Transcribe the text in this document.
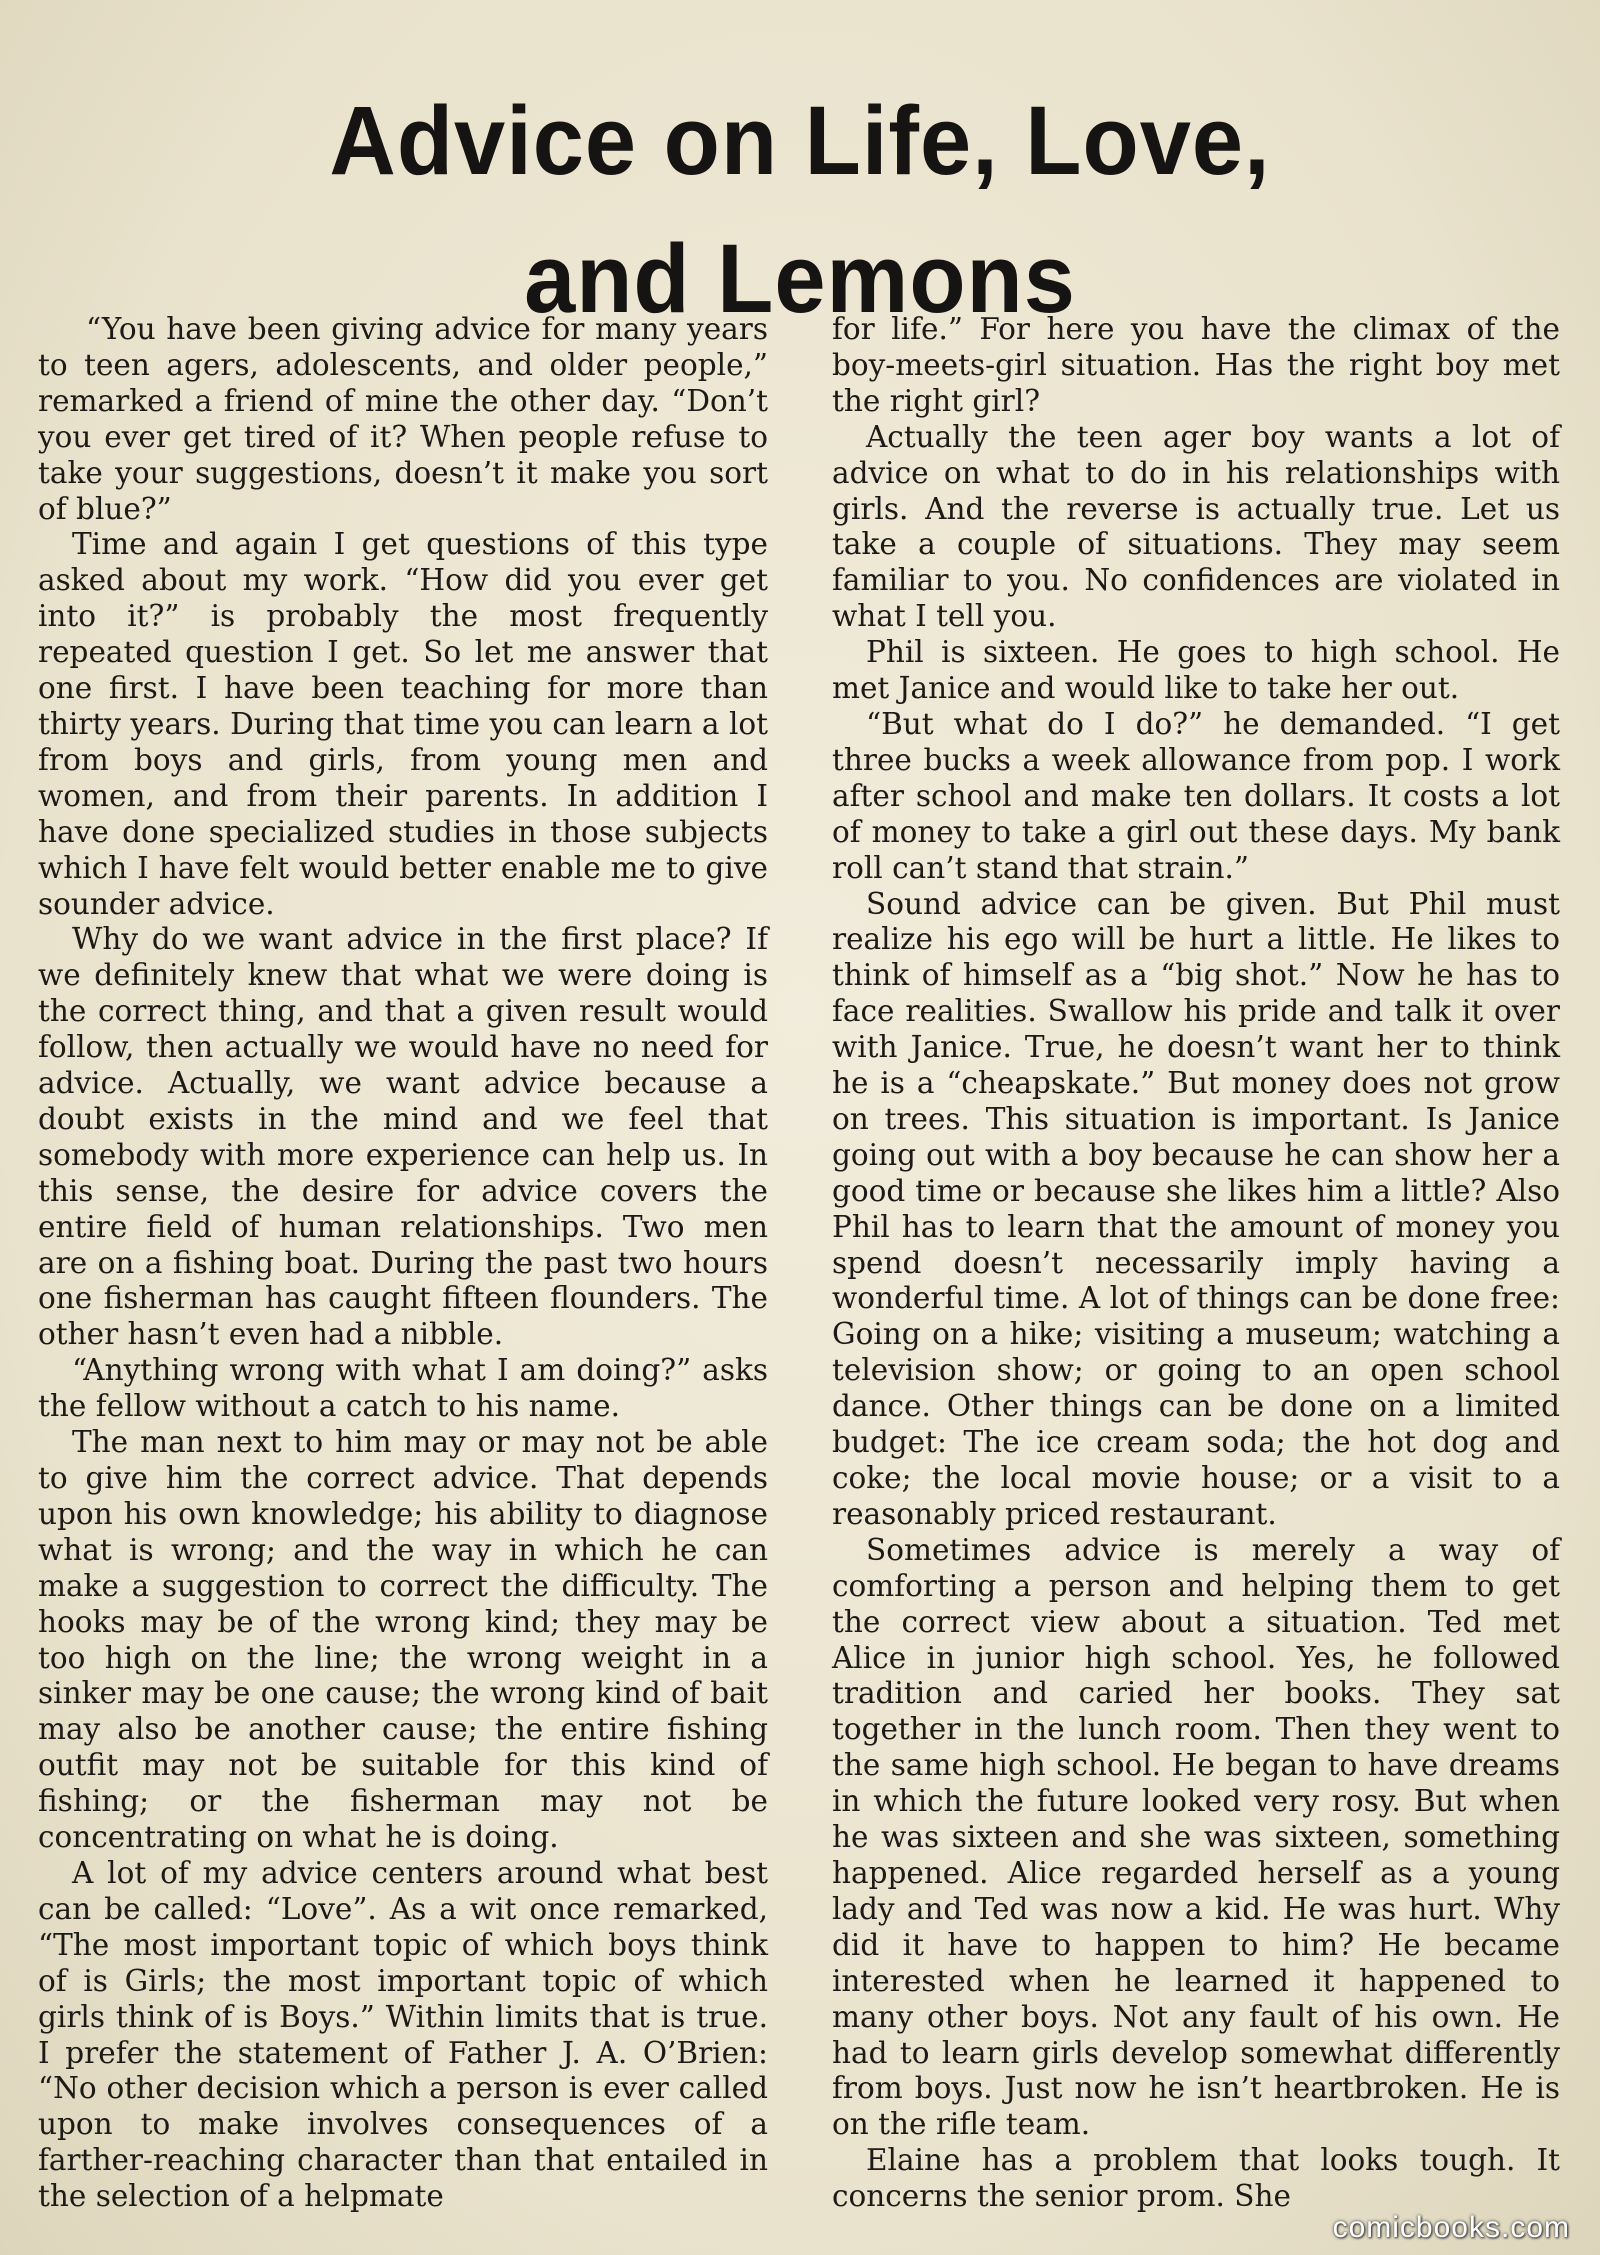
Advice on Life, Love,
and Lemons

“You have been giving advice for many years to teen agers, adolescents, and older people,” remarked a friend of mine the other day. “Don’t you ever get tired of it? When people refuse to take your suggestions, doesn’t it make you sort of blue?”

Time and again I get questions of this type asked about my work. “How did you ever get into it?” is probably the most frequently repeated question I get. So let me answer that one first. I have been teaching for more than thirty years. During that time you can learn a lot from boys and girls, from young men and women, and from their parents. In addition I have done specialized studies in those subjects which I have felt would better enable me to give sounder advice.

Why do we want advice in the first place? If we definitely knew that what we were doing is the correct thing, and that a given result would follow, then actually we would have no need for advice. Actually, we want advice because a doubt exists in the mind and we feel that somebody with more experience can help us. In this sense, the desire for advice covers the entire field of human relationships. Two men are on a fishing boat. During the past two hours one fisherman has caught fifteen flounders. The other hasn’t even had a nibble.

“Anything wrong with what I am doing?” asks the fellow without a catch to his name.

The man next to him may or may not be able to give him the correct advice. That depends upon his own knowledge; his ability to diagnose what is wrong; and the way in which he can make a suggestion to correct the difficulty. The hooks may be of the wrong kind; they may be too high on the line; the wrong weight in a sinker may be one cause; the wrong kind of bait may also be another cause; the entire fishing outfit may not be suitable for this kind of fishing; or the fisherman may not be concentrating on what he is doing.

A lot of my advice centers around what best can be called: “Love”. As a wit once remarked, “The most important topic of which boys think of is Girls; the most important topic of which girls think of is Boys.” Within limits that is true. I prefer the statement of Father J. A. O’Brien: “No other decision which a person is ever called upon to make involves consequences of a farther-reaching character than that entailed in the selection of a helpmate

for life.” For here you have the climax of the boy-meets-girl situation. Has the right boy met the right girl?

Actually the teen ager boy wants a lot of advice on what to do in his relationships with girls. And the reverse is actually true. Let us take a couple of situations. They may seem familiar to you. No confidences are violated in what I tell you.

Phil is sixteen. He goes to high school. He met Janice and would like to take her out.

“But what do I do?” he demanded. “I get three bucks a week allowance from pop. I work after school and make ten dollars. It costs a lot of money to take a girl out these days. My bank roll can’t stand that strain.”

Sound advice can be given. But Phil must realize his ego will be hurt a little. He likes to think of himself as a “big shot.” Now he has to face realities. Swallow his pride and talk it over with Janice. True, he doesn’t want her to think he is a “cheapskate.” But money does not grow on trees. This situation is important. Is Janice going out with a boy because he can show her a good time or because she likes him a little? Also Phil has to learn that the amount of money you spend doesn’t necessarily imply having a wonderful time. A lot of things can be done free: Going on a hike; visiting a museum; watching a television show; or going to an open school dance. Other things can be done on a limited budget: The ice cream soda; the hot dog and coke; the local movie house; or a visit to a reasonably priced restaurant.

Sometimes advice is merely a way of comforting a person and helping them to get the correct view about a situation. Ted met Alice in junior high school. Yes, he followed tradition and caried her books. They sat together in the lunch room. Then they went to the same high school. He began to have dreams in which the future looked very rosy. But when he was sixteen and she was sixteen, something happened. Alice regarded herself as a young lady and Ted was now a kid. He was hurt. Why did it have to happen to him? He became interested when he learned it happened to many other boys. Not any fault of his own. He had to learn girls develop somewhat differently from boys. Just now he isn’t heartbroken. He is on the rifle team.

Elaine has a problem that looks tough. It concerns the senior prom. She

comicbooks.com
